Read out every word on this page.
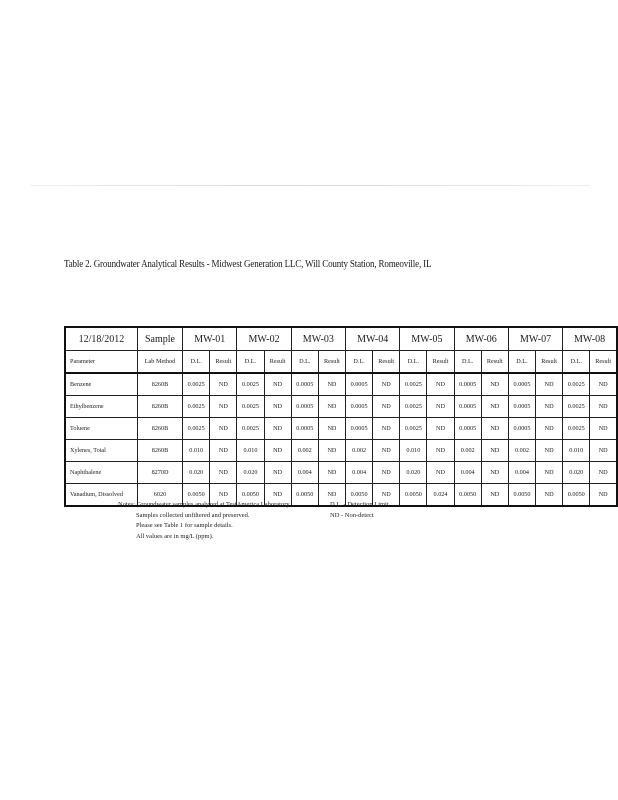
Table 2. Groundwater Analytical Results - Midwest Generation LLC, Will County Station, Romeoville, IL
12/18/2012	Sample	MW-01		MW-02		MW-03		MW-04		MW-05		MW-06		MW-07		MW-08	
Parameter	Lab Method	D.L.	Result	D.L.	Result	D.L.	Result	D.L.	Result	D.L.	Result	D.L.	Result	D.L.	Result	D.L.	Result
Benzene	8260B	0.0025	ND	0.0025	ND	0.0005	ND	0.0005	ND	0.0025	ND	0.0005	ND	0.0005	ND	0.0025	ND
Ethylbenzene	8260B	0.0025	ND	0.0025	ND	0.0005	ND	0.0005	ND	0.0025	ND	0.0005	ND	0.0005	ND	0.0025	ND
Toluene	8260B	0.0025	ND	0.0025	ND	0.0005	ND	0.0005	ND	0.0025	ND	0.0005	ND	0.0005	ND	0.0025	ND
Xylenes, Total	8260B	0.010	ND	0.010	ND	0.002	ND	0.002	ND	0.010	ND	0.002	ND	0.002	ND	0.010	ND
Naphthalene	8270D	0.020	ND	0.020	ND	0.004	ND	0.004	ND	0.020	ND	0.004	ND	0.004	ND	0.020	ND
Vanadium, Dissolved	6020	0.0050	ND	0.0050	ND	0.0050	ND	0.0050	ND	0.0050	0.024	0.0050	ND	0.0050	ND	0.0050	ND
Notes: Groundwater samples analyzed at TestAmerica Laboratory.
Samples collected unfiltered and preserved.
Please see Table 1 for sample details.
All values are in mg/L (ppm).
D.L. - Detection Limit
ND - Non-detect
